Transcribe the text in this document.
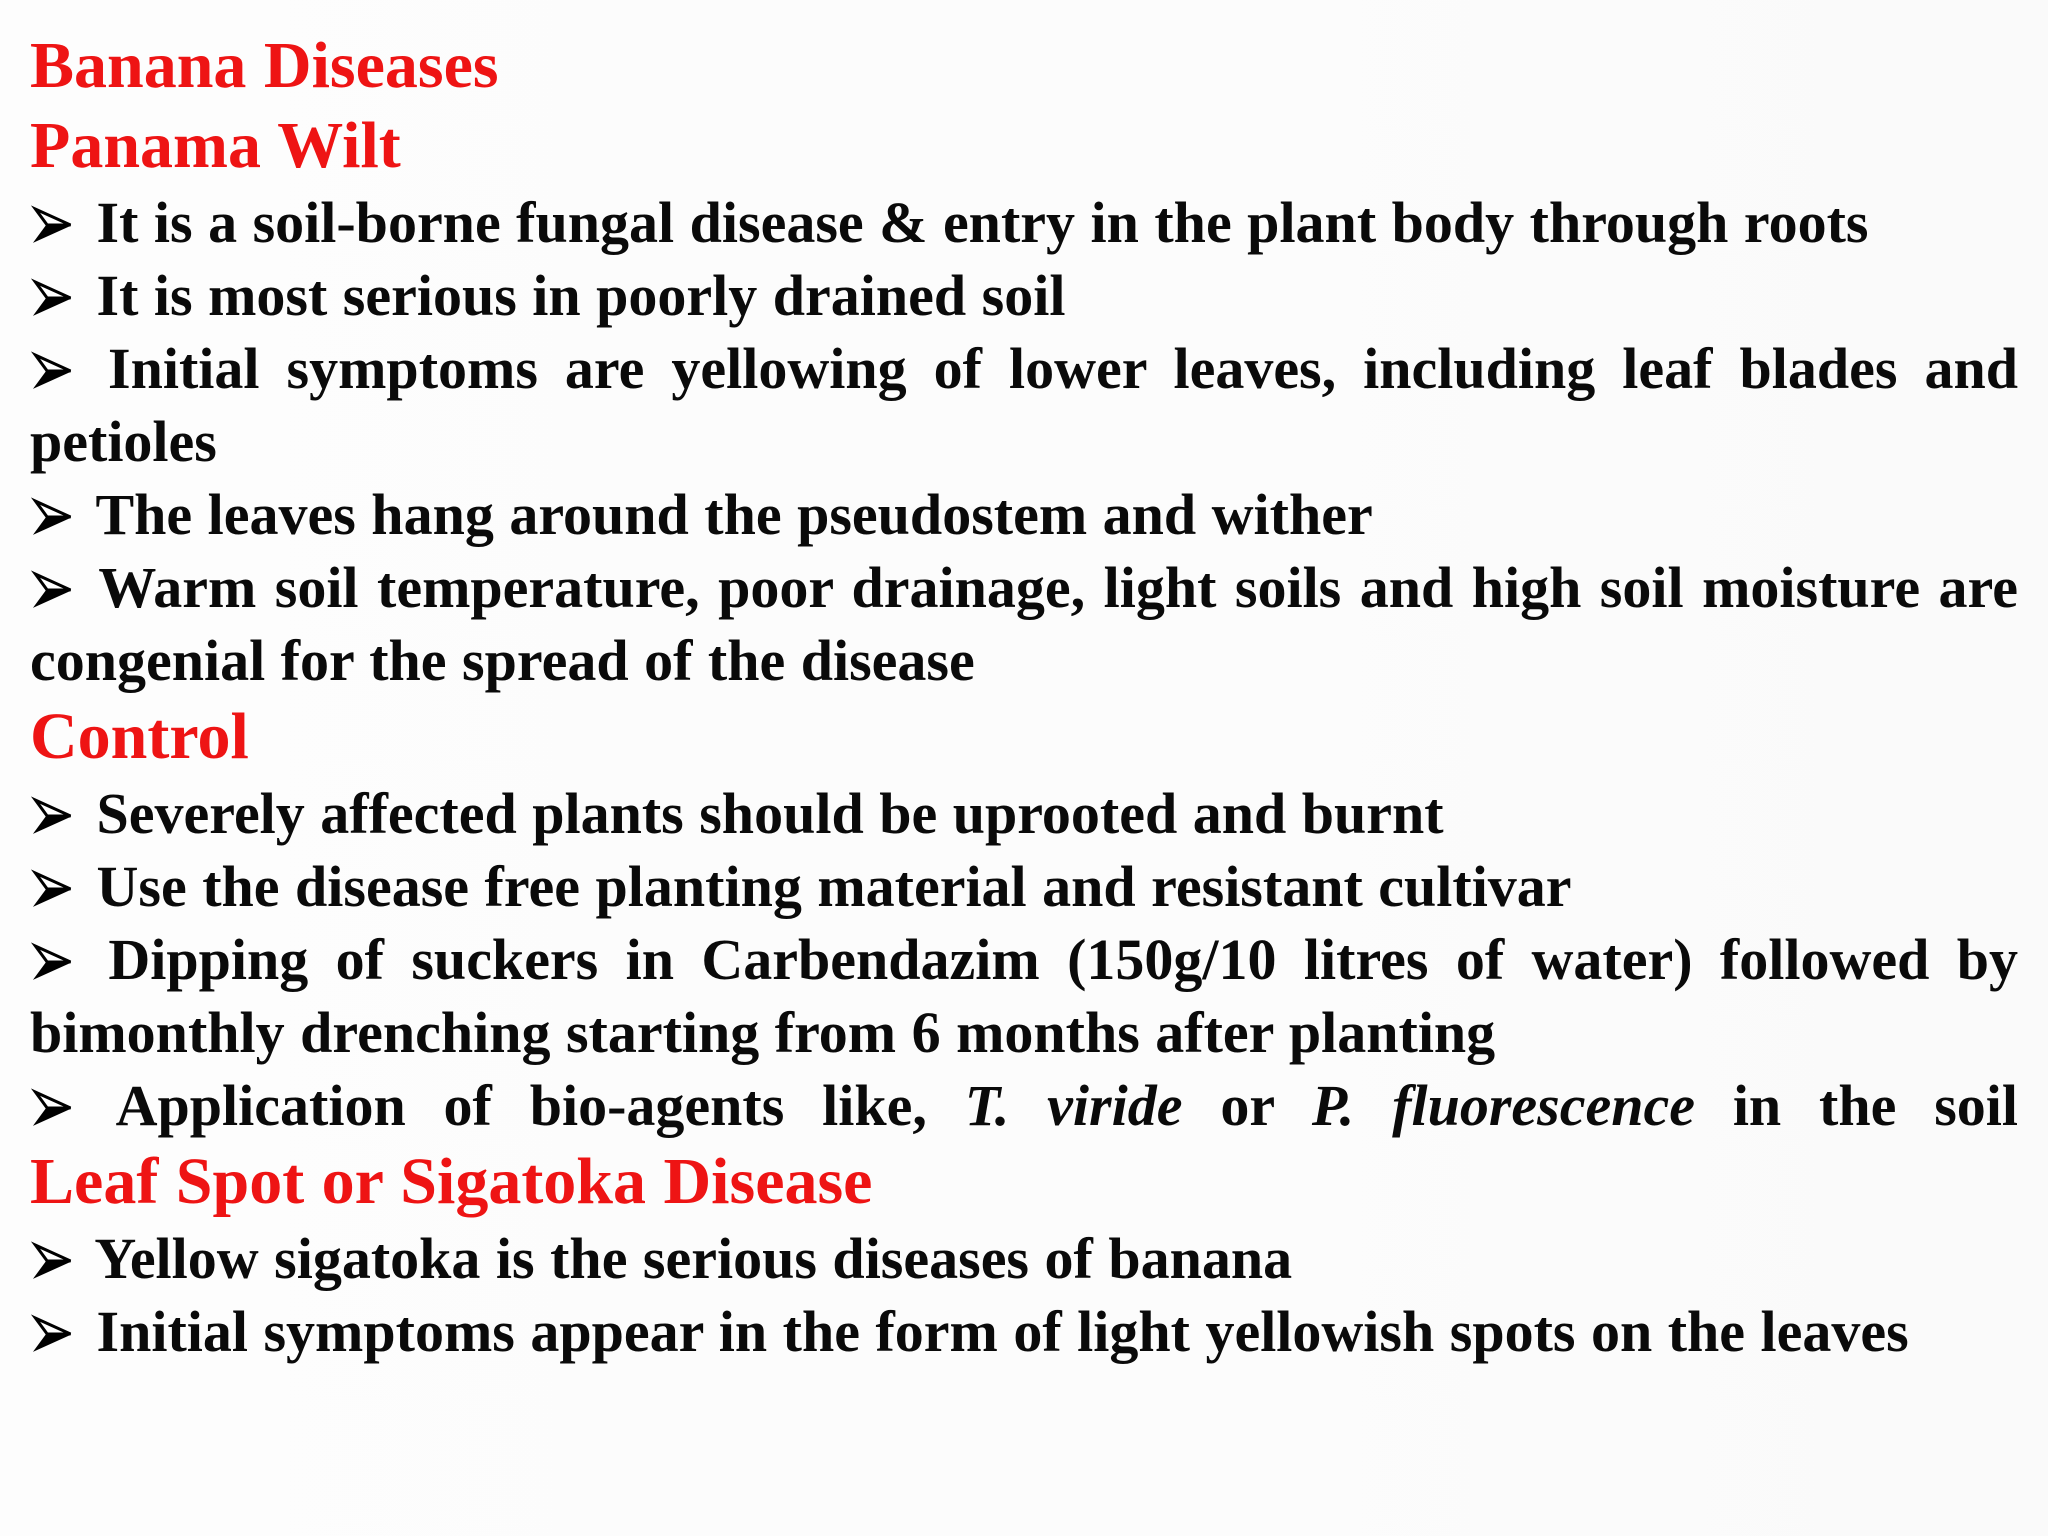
Banana Diseases

Panama Wilt

It is a soil-borne fungal disease & entry in the plant body through roots

It is most serious in poorly drained soil

Initial symptoms are yellowing of lower leaves, including leaf blades and petioles

The leaves hang around the pseudostem and wither

Warm soil temperature, poor drainage, light soils and high soil moisture are congenial for the spread of the disease

Control

Severely affected plants should be uprooted and burnt

Use the disease free planting material and resistant cultivar

Dipping of suckers in Carbendazim (150g/10 litres of water) followed by bimonthly drenching starting from 6 months after planting

Application of bio-agents like, T. viride or P. fluorescence in the soil

Leaf Spot or Sigatoka Disease

Yellow sigatoka is the serious diseases of banana

Initial symptoms appear in the form of light yellowish spots on the leaves
